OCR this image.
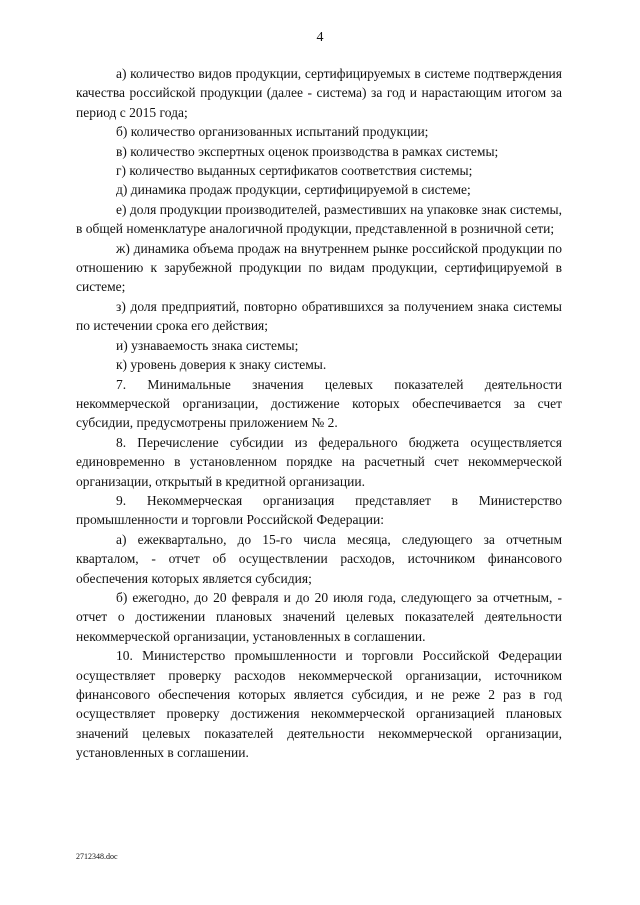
4

а) количество видов продукции, сертифицируемых в системе подтверждения качества российской продукции (далее - система) за год и нарастающим итогом за период с 2015 года;

б) количество организованных испытаний продукции;

в) количество экспертных оценок производства в рамках системы;

г) количество выданных сертификатов соответствия системы;

д) динамика продаж продукции, сертифицируемой в системе;

е) доля продукции производителей, разместивших на упаковке знак системы, в общей номенклатуре аналогичной продукции, представленной в розничной сети;

ж) динамика объема продаж на внутреннем рынке российской продукции по отношению к зарубежной продукции по видам продукции, сертифицируемой в системе;

з) доля предприятий, повторно обратившихся за получением знака системы по истечении срока его действия;

и) узнаваемость знака системы;

к) уровень доверия к знаку системы.

7. Минимальные значения целевых показателей деятельности некоммерческой организации, достижение которых обеспечивается за счет субсидии, предусмотрены приложением № 2.

8. Перечисление субсидии из федерального бюджета осуществляется единовременно в установленном порядке на расчетный счет некоммерческой организации, открытый в кредитной организации.

9. Некоммерческая организация представляет в Министерство промышленности и торговли Российской Федерации:

а) ежеквартально, до 15-го числа месяца, следующего за отчетным кварталом, - отчет об осуществлении расходов, источником финансового обеспечения которых является субсидия;

б) ежегодно, до 20 февраля и до 20 июля года, следующего за отчетным, - отчет о достижении плановых значений целевых показателей деятельности некоммерческой организации, установленных в соглашении.

10. Министерство промышленности и торговли Российской Федерации осуществляет проверку расходов некоммерческой организации, источником финансового обеспечения которых является субсидия, и не реже 2 раз в год осуществляет проверку достижения некоммерческой организацией плановых значений целевых показателей деятельности некоммерческой организации, установленных в соглашении.

2712348.doc
